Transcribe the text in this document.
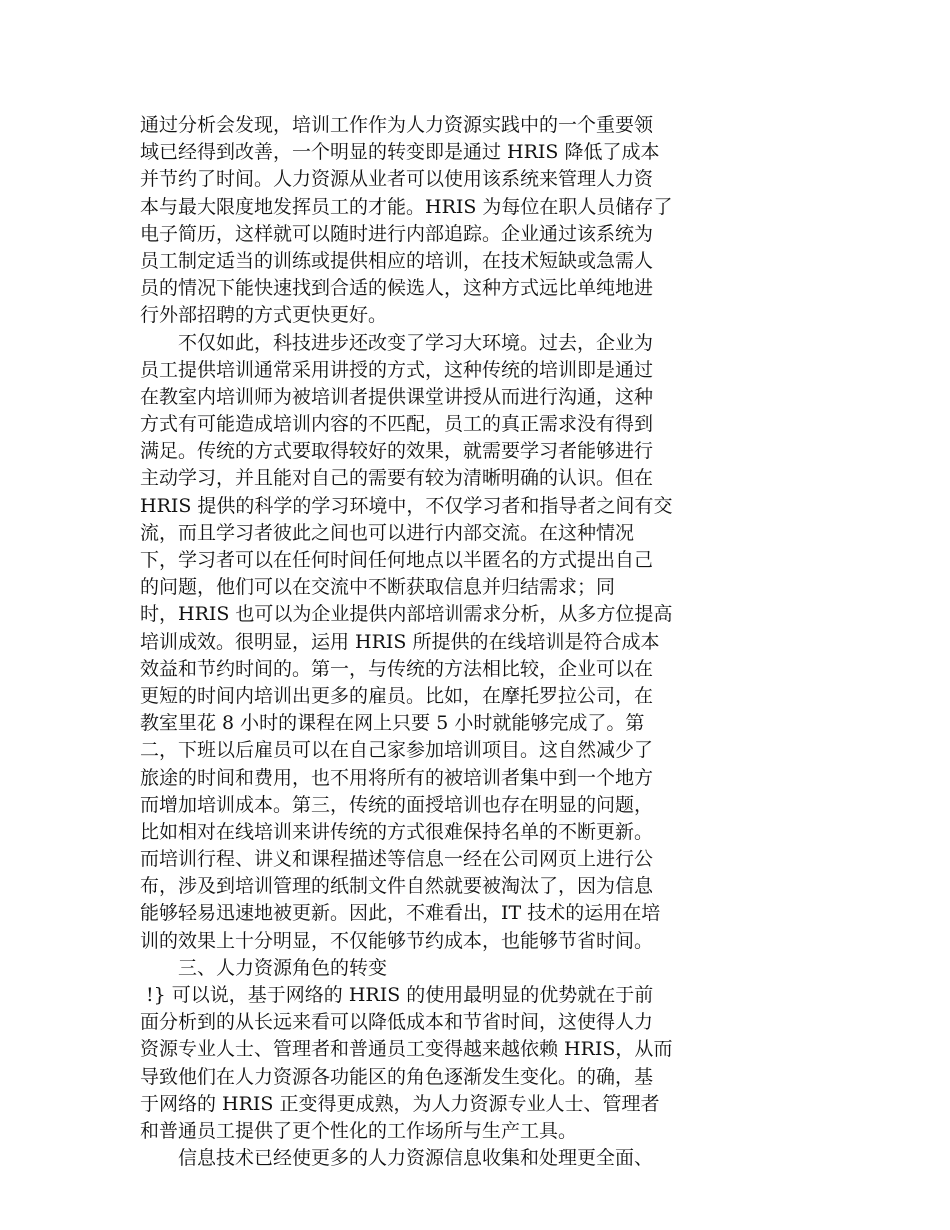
通过分析会发现，培训工作作为人力资源实践中的一个重要领
域已经得到改善，一个明显的转变即是通过 HRIS 降低了成本
并节约了时间。人力资源从业者可以使用该系统来管理人力资
本与最大限度地发挥员工的才能。HRIS 为每位在职人员储存了
电子简历，这样就可以随时进行内部追踪。企业通过该系统为
员工制定适当的训练或提供相应的培训，在技术短缺或急需人
员的情况下能快速找到合适的候选人，这种方式远比单纯地进
行外部招聘的方式更快更好。
　　不仅如此，科技进步还改变了学习大环境。过去，企业为
员工提供培训通常采用讲授的方式，这种传统的培训即是通过
在教室内培训师为被培训者提供课堂讲授从而进行沟通，这种
方式有可能造成培训内容的不匹配，员工的真正需求没有得到
满足。传统的方式要取得较好的效果，就需要学习者能够进行
主动学习，并且能对自己的需要有较为清晰明确的认识。但在
HRIS 提供的科学的学习环境中，不仅学习者和指导者之间有交
流，而且学习者彼此之间也可以进行内部交流。在这种情况
下，学习者可以在任何时间任何地点以半匿名的方式提出自己
的问题，他们可以在交流中不断获取信息并归结需求；同
时，HRIS 也可以为企业提供内部培训需求分析，从多方位提高
培训成效。很明显，运用 HRIS 所提供的在线培训是符合成本
效益和节约时间的。第一，与传统的方法相比较，企业可以在
更短的时间内培训出更多的雇员。比如，在摩托罗拉公司，在
教室里花 8 小时的课程在网上只要 5 小时就能够完成了。第
二，下班以后雇员可以在自己家参加培训项目。这自然减少了
旅途的时间和费用，也不用将所有的被培训者集中到一个地方
而增加培训成本。第三，传统的面授培训也存在明显的问题，
比如相对在线培训来讲传统的方式很难保持名单的不断更新。
而培训行程、讲义和课程描述等信息一经在公司网页上进行公
布，涉及到培训管理的纸制文件自然就要被淘汰了，因为信息
能够轻易迅速地被更新。因此，不难看出，IT 技术的运用在培
训的效果上十分明显，不仅能够节约成本，也能够节省时间。
　　三、人力资源角色的转变
!} 可以说，基于网络的 HRIS 的使用最明显的优势就在于前
面分析到的从长远来看可以降低成本和节省时间，这使得人力
资源专业人士、管理者和普通员工变得越来越依赖 HRIS，从而
导致他们在人力资源各功能区的角色逐渐发生变化。的确，基
于网络的 HRIS 正变得更成熟，为人力资源专业人士、管理者
和普通员工提供了更个性化的工作场所与生产工具。
　　信息技术已经使更多的人力资源信息收集和处理更全面、
